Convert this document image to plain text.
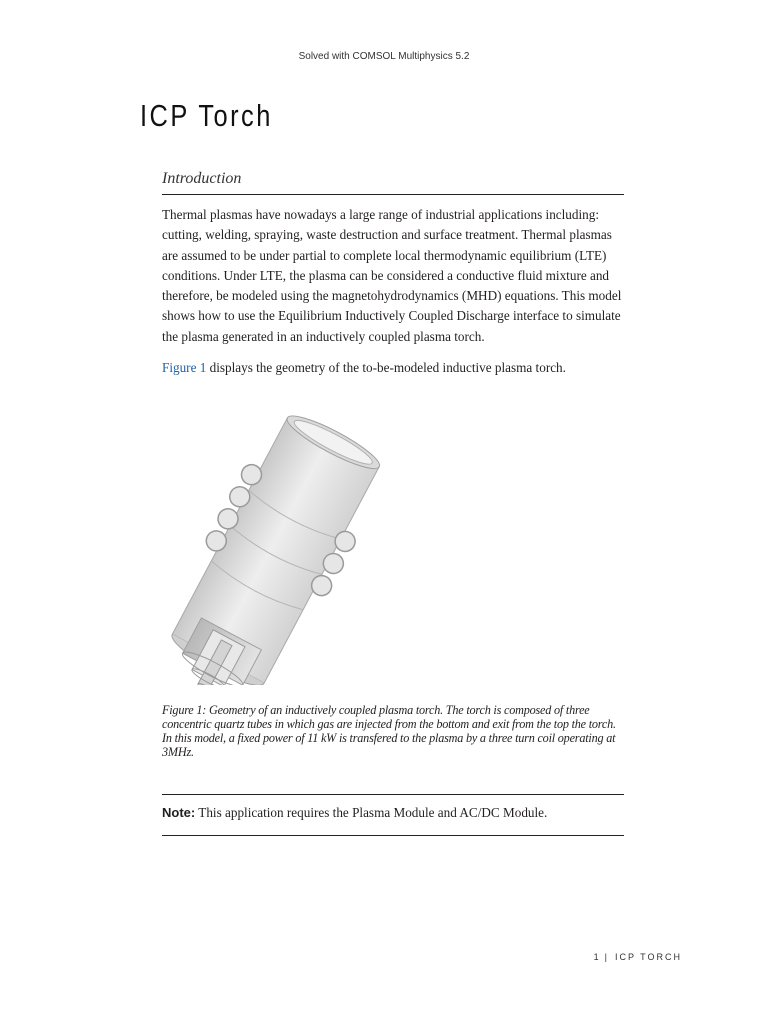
Solved with COMSOL Multiphysics 5.2
ICP Torch
Introduction

Thermal plasmas have nowadays a large range of industrial applications including: cutting, welding, spraying, waste destruction and surface treatment. Thermal plasmas are assumed to be under partial to complete local thermodynamic equilibrium (LTE) conditions. Under LTE, the plasma can be considered a conductive fluid mixture and therefore, be modeled using the magnetohydrodynamics (MHD) equations. This model shows how to use the Equilibrium Inductively Coupled Discharge interface to simulate the plasma generated in an inductively coupled plasma torch.

Figure 1 displays the geometry of the to-be-modeled inductive plasma torch.

Figure 1: Geometry of an inductively coupled plasma torch. The torch is composed of three concentric quartz tubes in which gas are injected from the bottom and exit from the top the torch. In this model, a fixed power of 11 kW is transfered to the plasma by a three turn coil operating at 3MHz.

Note: This application requires the Plasma Module and AC/DC Module.
1 | ICP TORCH
